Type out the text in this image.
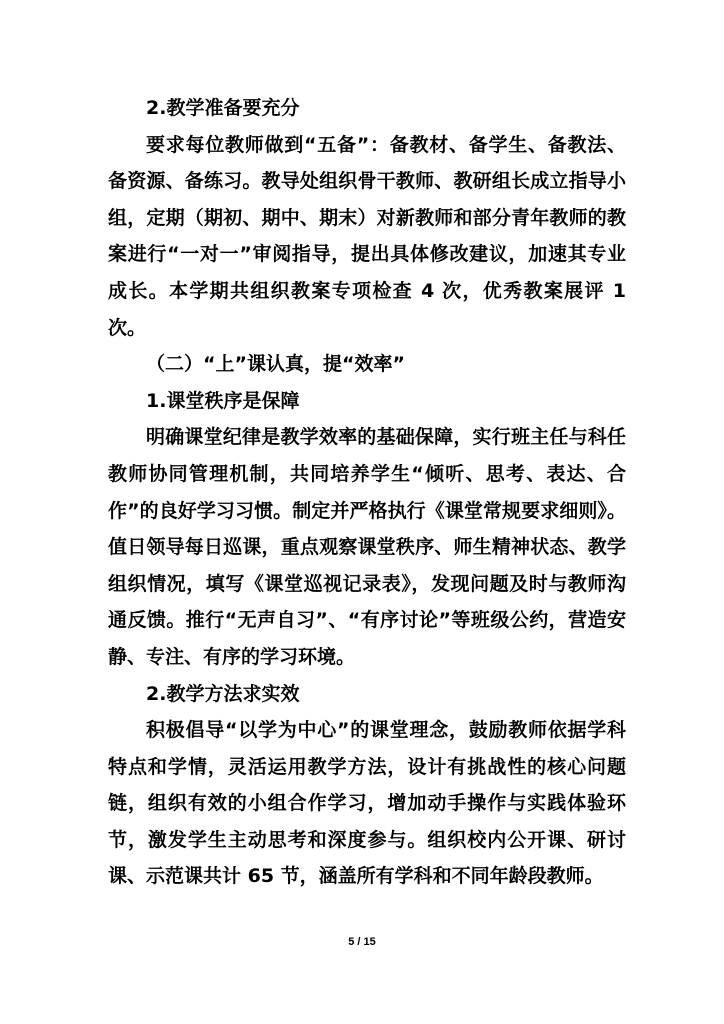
2.教学准备要充分

要求每位教师做到“五备”：备教材、备学生、备教法、备资源、备练习。教导处组织骨干教师、教研组长成立指导小组，定期（期初、期中、期末）对新教师和部分青年教师的教案进行“一对一”审阅指导，提出具体修改建议，加速其专业成长。本学期共组织教案专项检查 4 次，优秀教案展评 1 次。

（二）“上”课认真，提“效率”

1.课堂秩序是保障

明确课堂纪律是教学效率的基础保障，实行班主任与科任教师协同管理机制，共同培养学生“倾听、思考、表达、合作”的良好学习习惯。制定并严格执行《课堂常规要求细则》。值日领导每日巡课，重点观察课堂秩序、师生精神状态、教学组织情况，填写《课堂巡视记录表》，发现问题及时与教师沟通反馈。推行“无声自习”、“有序讨论”等班级公约，营造安静、专注、有序的学习环境。

2.教学方法求实效

积极倡导“以学为中心”的课堂理念，鼓励教师依据学科特点和学情，灵活运用教学方法，设计有挑战性的核心问题链，组织有效的小组合作学习，增加动手操作与实践体验环节，激发学生主动思考和深度参与。组织校内公开课、研讨课、示范课共计 65 节，涵盖所有学科和不同年龄段教师。

5 / 15
